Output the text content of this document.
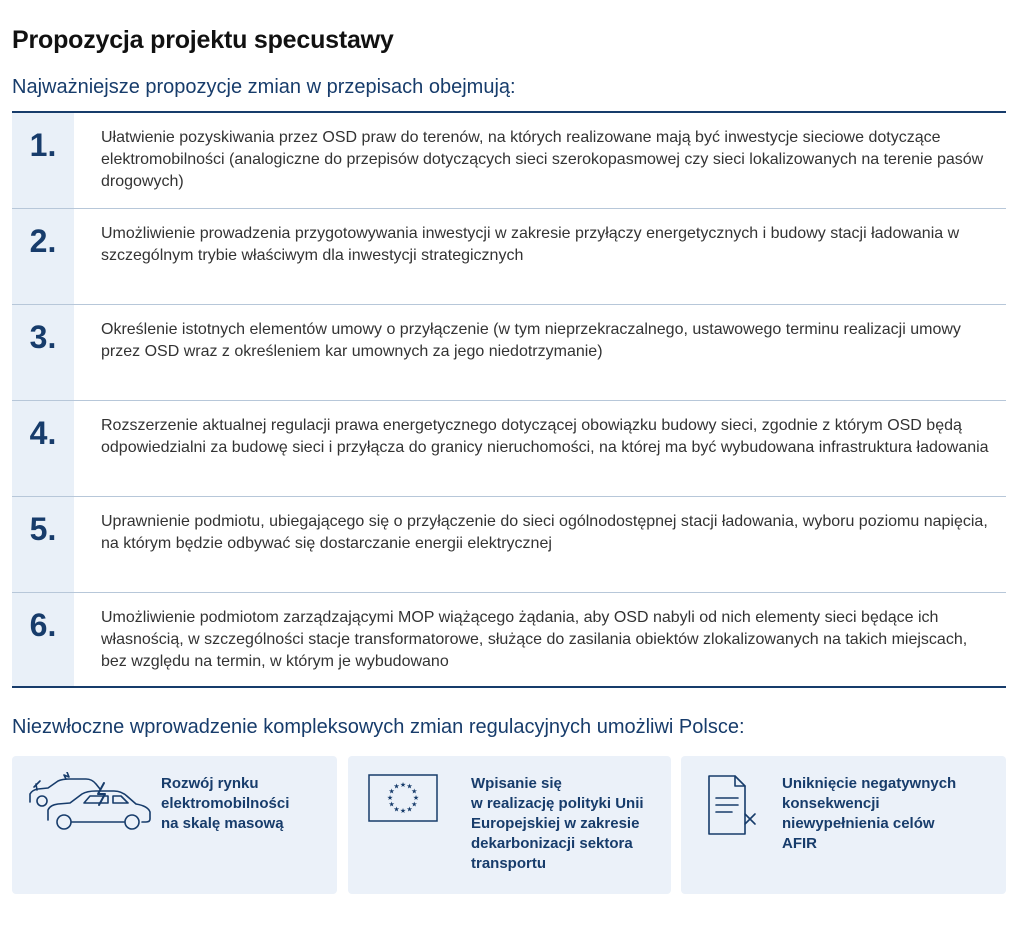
Propozycja projektu specustawy
Najważniejsze propozycje zmian w przepisach obejmują:
1.	Ułatwienie pozyskiwania przez OSD praw do terenów, na których realizowane mają być inwestycje sieciowe dotyczące elektromobilności (analogiczne do przepisów dotyczących sieci szerokopasmowej czy sieci lokalizowanych na terenie pasów drogowych)
2.	Umożliwienie prowadzenia przygotowywania inwestycji w zakresie przyłączy energetycznych i budowy stacji ładowania w szczególnym trybie właściwym dla inwestycji strategicznych
3.	Określenie istotnych elementów umowy o przyłączenie (w tym nieprzekraczalnego, ustawowego terminu realizacji umowy przez OSD wraz z określeniem kar umownych za jego niedotrzymanie)
4.	Rozszerzenie aktualnej regulacji prawa energetycznego dotyczącej obowiązku budowy sieci, zgodnie z którym OSD będą odpowiedzialni za budowę sieci i przyłącza do granicy nieruchomości, na której ma być wybudowana infrastruktura ładowania
5.	Uprawnienie podmiotu, ubiegającego się o przyłączenie do sieci ogólnodostępnej stacji ładowania, wyboru poziomu napięcia, na którym będzie odbywać się dostarczanie energii elektrycznej
6.	Umożliwienie podmiotom zarządzającymi MOP wiążącego żądania, aby OSD nabyli od nich elementy sieci będące ich własnością, w szczególności stacje transformatorowe, służące do zasilania obiektów zlokalizowanych na takich miejscach, bez względu na termin, w którym je wybudowano
Niezwłoczne wprowadzenie kompleksowych zmian regulacyjnych umożliwi Polsce:
Rozwój rynku
elektromobilności
na skalę masową
★ ★
★
★
★
★
★
★
★
★
★
★	Wpisanie się
w realizację polityki Unii
Europejskiej w zakresie
dekarbonizacji sektora
transportu
Uniknięcie negatywnych
konsekwencji
niewypełnienia celów
AFIR
